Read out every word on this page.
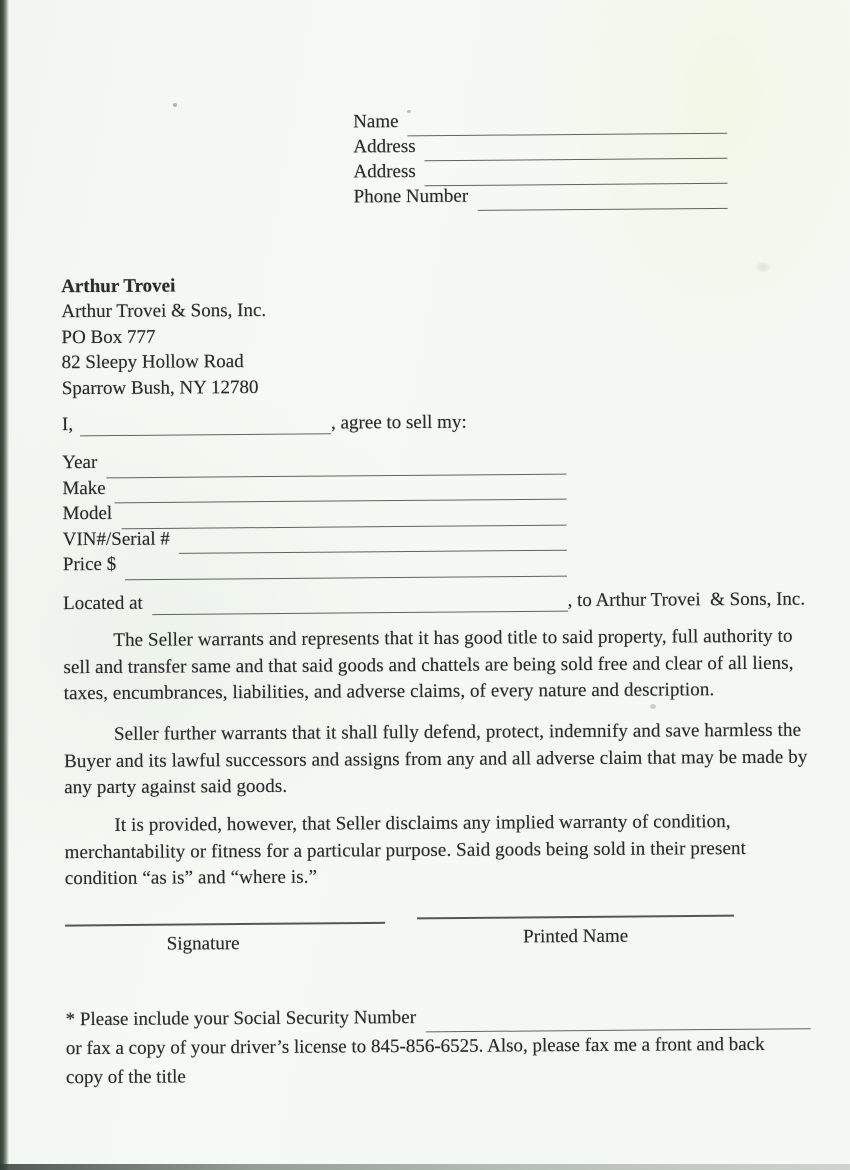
Name
Address
Address
Phone Number
Arthur Trovei
Arthur Trovei & Sons, Inc.
PO Box 777
82 Sleepy Hollow Road
Sparrow Bush, NY 12780
I,	, agree to sell my:
Year
Make
Model
VIN#/Serial #
Price $
Located at	, to Arthur Trovei  & Sons, Inc.

The Seller warrants and represents that it has good title to said property, full authority to sell and transfer same and that said goods and chattels are being sold free and clear of all liens, taxes, encumbrances, liabilities, and adverse claims, of every nature and description.

Seller further warrants that it shall fully defend, protect, indemnify and save harmless the Buyer and its lawful successors and assigns from any and all adverse claim that may be made by any party against said goods.

It is provided, however, that Seller disclaims any implied warranty of condition, merchantability or fitness for a particular purpose. Said goods being sold in their present condition “as is” and “where is.”

Signature	Printed Name
* Please include your Social Security Number
or fax a copy of your driver’s license to 845-856-6525. Also, please fax me a front and back
copy of the title
